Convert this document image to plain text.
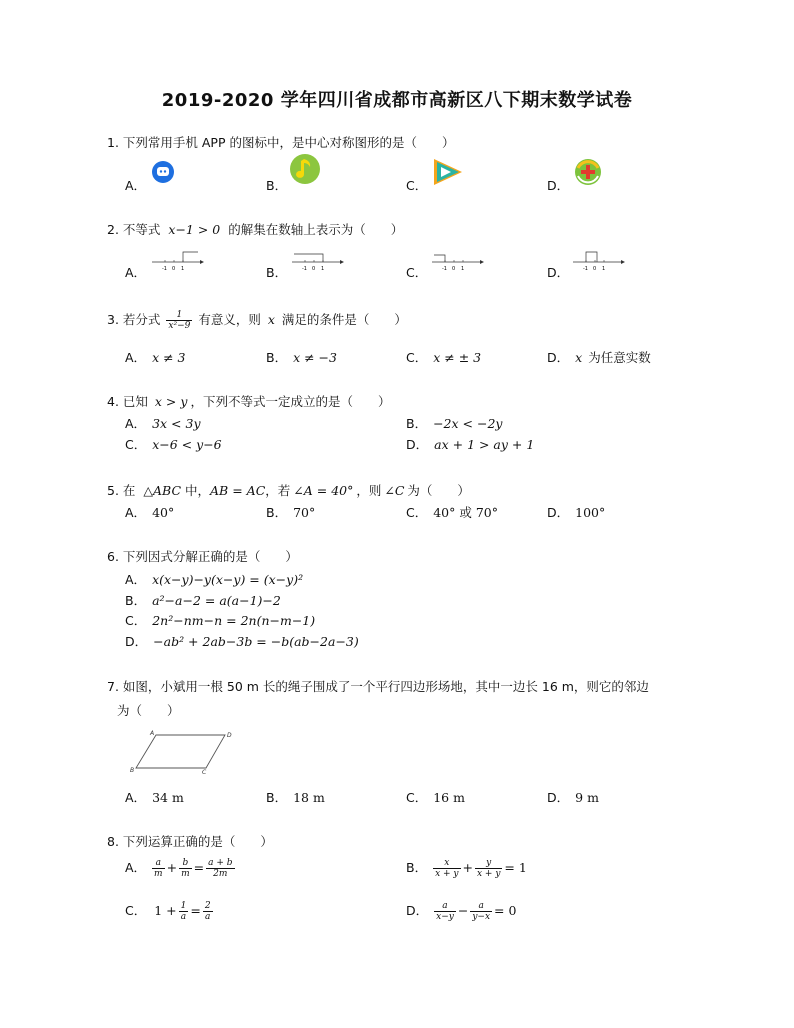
2019-2020 学年四川省成都市高新区八下期末数学试卷
1. 下列常用手机 APP 的图标中，是中心对称图形的是（　　）
A．	B．	C．	D．
2. 不等式 x−1 > 0 的解集在数轴上表示为（　　）
A．	B．	C．	D．
-1 0 1	-1 0 1	-1 0 1	-1 0 1
3. 若分式 $\frac{1}{\text{x²−9}}$ 有意义，则 x 满足的条件是（　　）
A． x ≠ 3	B． x ≠ −3	C． x ≠ ± 3	D． x 为任意实数
4. 已知 x > y ，下列不等式一定成立的是（　　）
A． 3x < 3y	B． −2x < −2y
C． x−6 < y−6	D． ax + 1 > ay + 1
5. 在 △ABC 中，AB = AC，若 ∠A = 40° ，则 ∠C 为（　　）
A． 40°	B． 70°	C． 40° 或 70°	D． 100°
6. 下列因式分解正确的是（　　）
A． x(x−y)−y(x−y) = (x−y)²
B． a²−a−2 = a(a−1)−2
C． 2n²−nm−n = 2n(n−m−1)
D． −ab² + 2ab−3b = −b(ab−2a−3)
7. 如图，小斌用一根 50 m 长的绳子围成了一个平行四边形场地，其中一边长 16 m，则它的邻边
为（　　）
A	D
B	C
A． 34 m	B． 18 m	C． 16 m	D． 9 m
8. 下列运算正确的是（　　）
A． $\frac{a}{m} + \frac{b}{m} = \frac{a + b}{2m}$	B． $\frac{x}{x + y} + \frac{y}{x + y} = 1$
C． $1 + \frac{1}{a} = \frac{2}{a}$	D． $\frac{a}{x-y} - \frac{a}{y-x} = 0$
